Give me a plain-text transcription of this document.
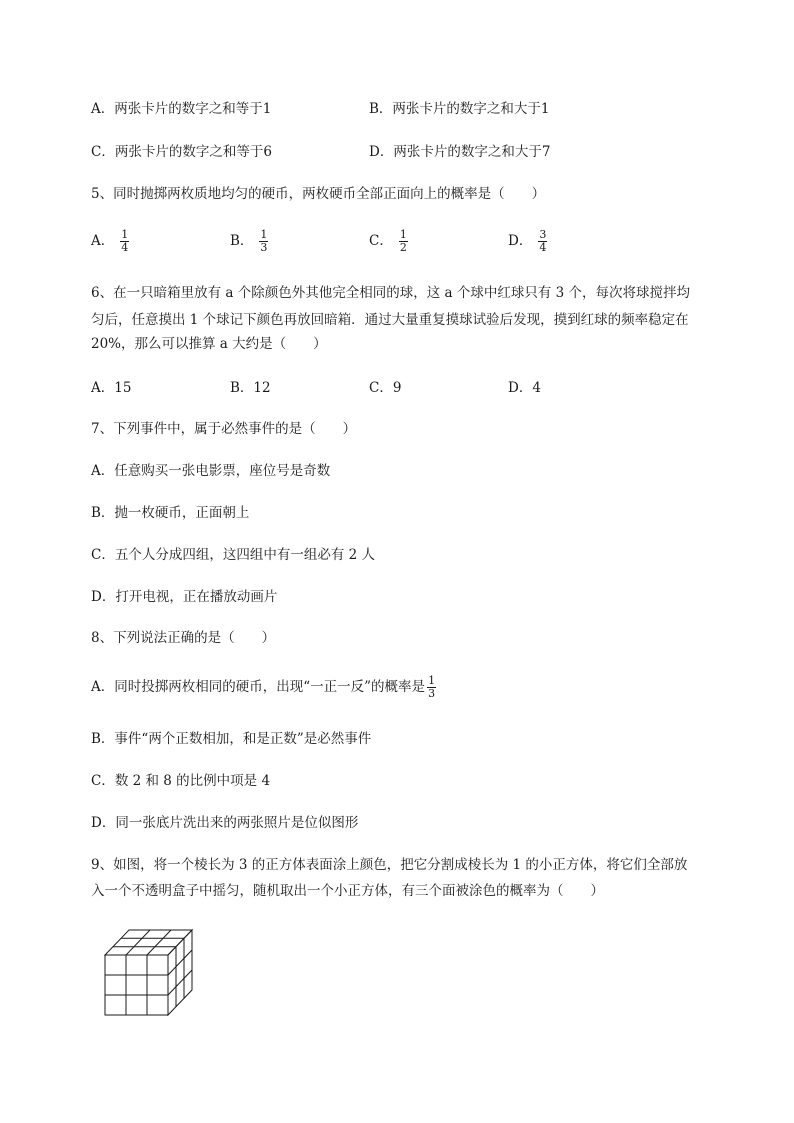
A．两张卡片的数字之和等于1	B．两张卡片的数字之和大于1
C．两张卡片的数字之和等于6	D．两张卡片的数字之和大于7
5、同时抛掷两枚质地均匀的硬币，两枚硬币全部正面向上的概率是（　　）
A． $\frac{1}{4}$	B． $\frac{1}{3}$	C． $\frac{1}{2}$	D． $\frac{3}{4}$
6、在一只暗箱里放有 a 个除颜色外其他完全相同的球，这 a 个球中红球只有 3 个，每次将球搅拌均
匀后，任意摸出 1 个球记下颜色再放回暗箱．通过大量重复摸球试验后发现，摸到红球的频率稳定在
20%，那么可以推算 a 大约是（　　）
A．15	B．12	C．9	D．4
7、下列事件中，属于必然事件的是（　　）
A．任意购买一张电影票，座位号是奇数
B．抛一枚硬币，正面朝上
C．五个人分成四组，这四组中有一组必有 2 人
D．打开电视，正在播放动画片
8、下列说法正确的是（　　）
A．同时投掷两枚相同的硬币，出现“一正一反”的概率是 $\frac{1}{3}$
B．事件“两个正数相加，和是正数”是必然事件
C．数 2 和 8 的比例中项是 4
D．同一张底片洗出来的两张照片是位似图形
9、如图，将一个棱长为 3 的正方体表面涂上颜色，把它分割成棱长为 1 的小正方体，将它们全部放
入一个不透明盒子中摇匀，随机取出一个小正方体，有三个面被涂色的概率为（　　）
